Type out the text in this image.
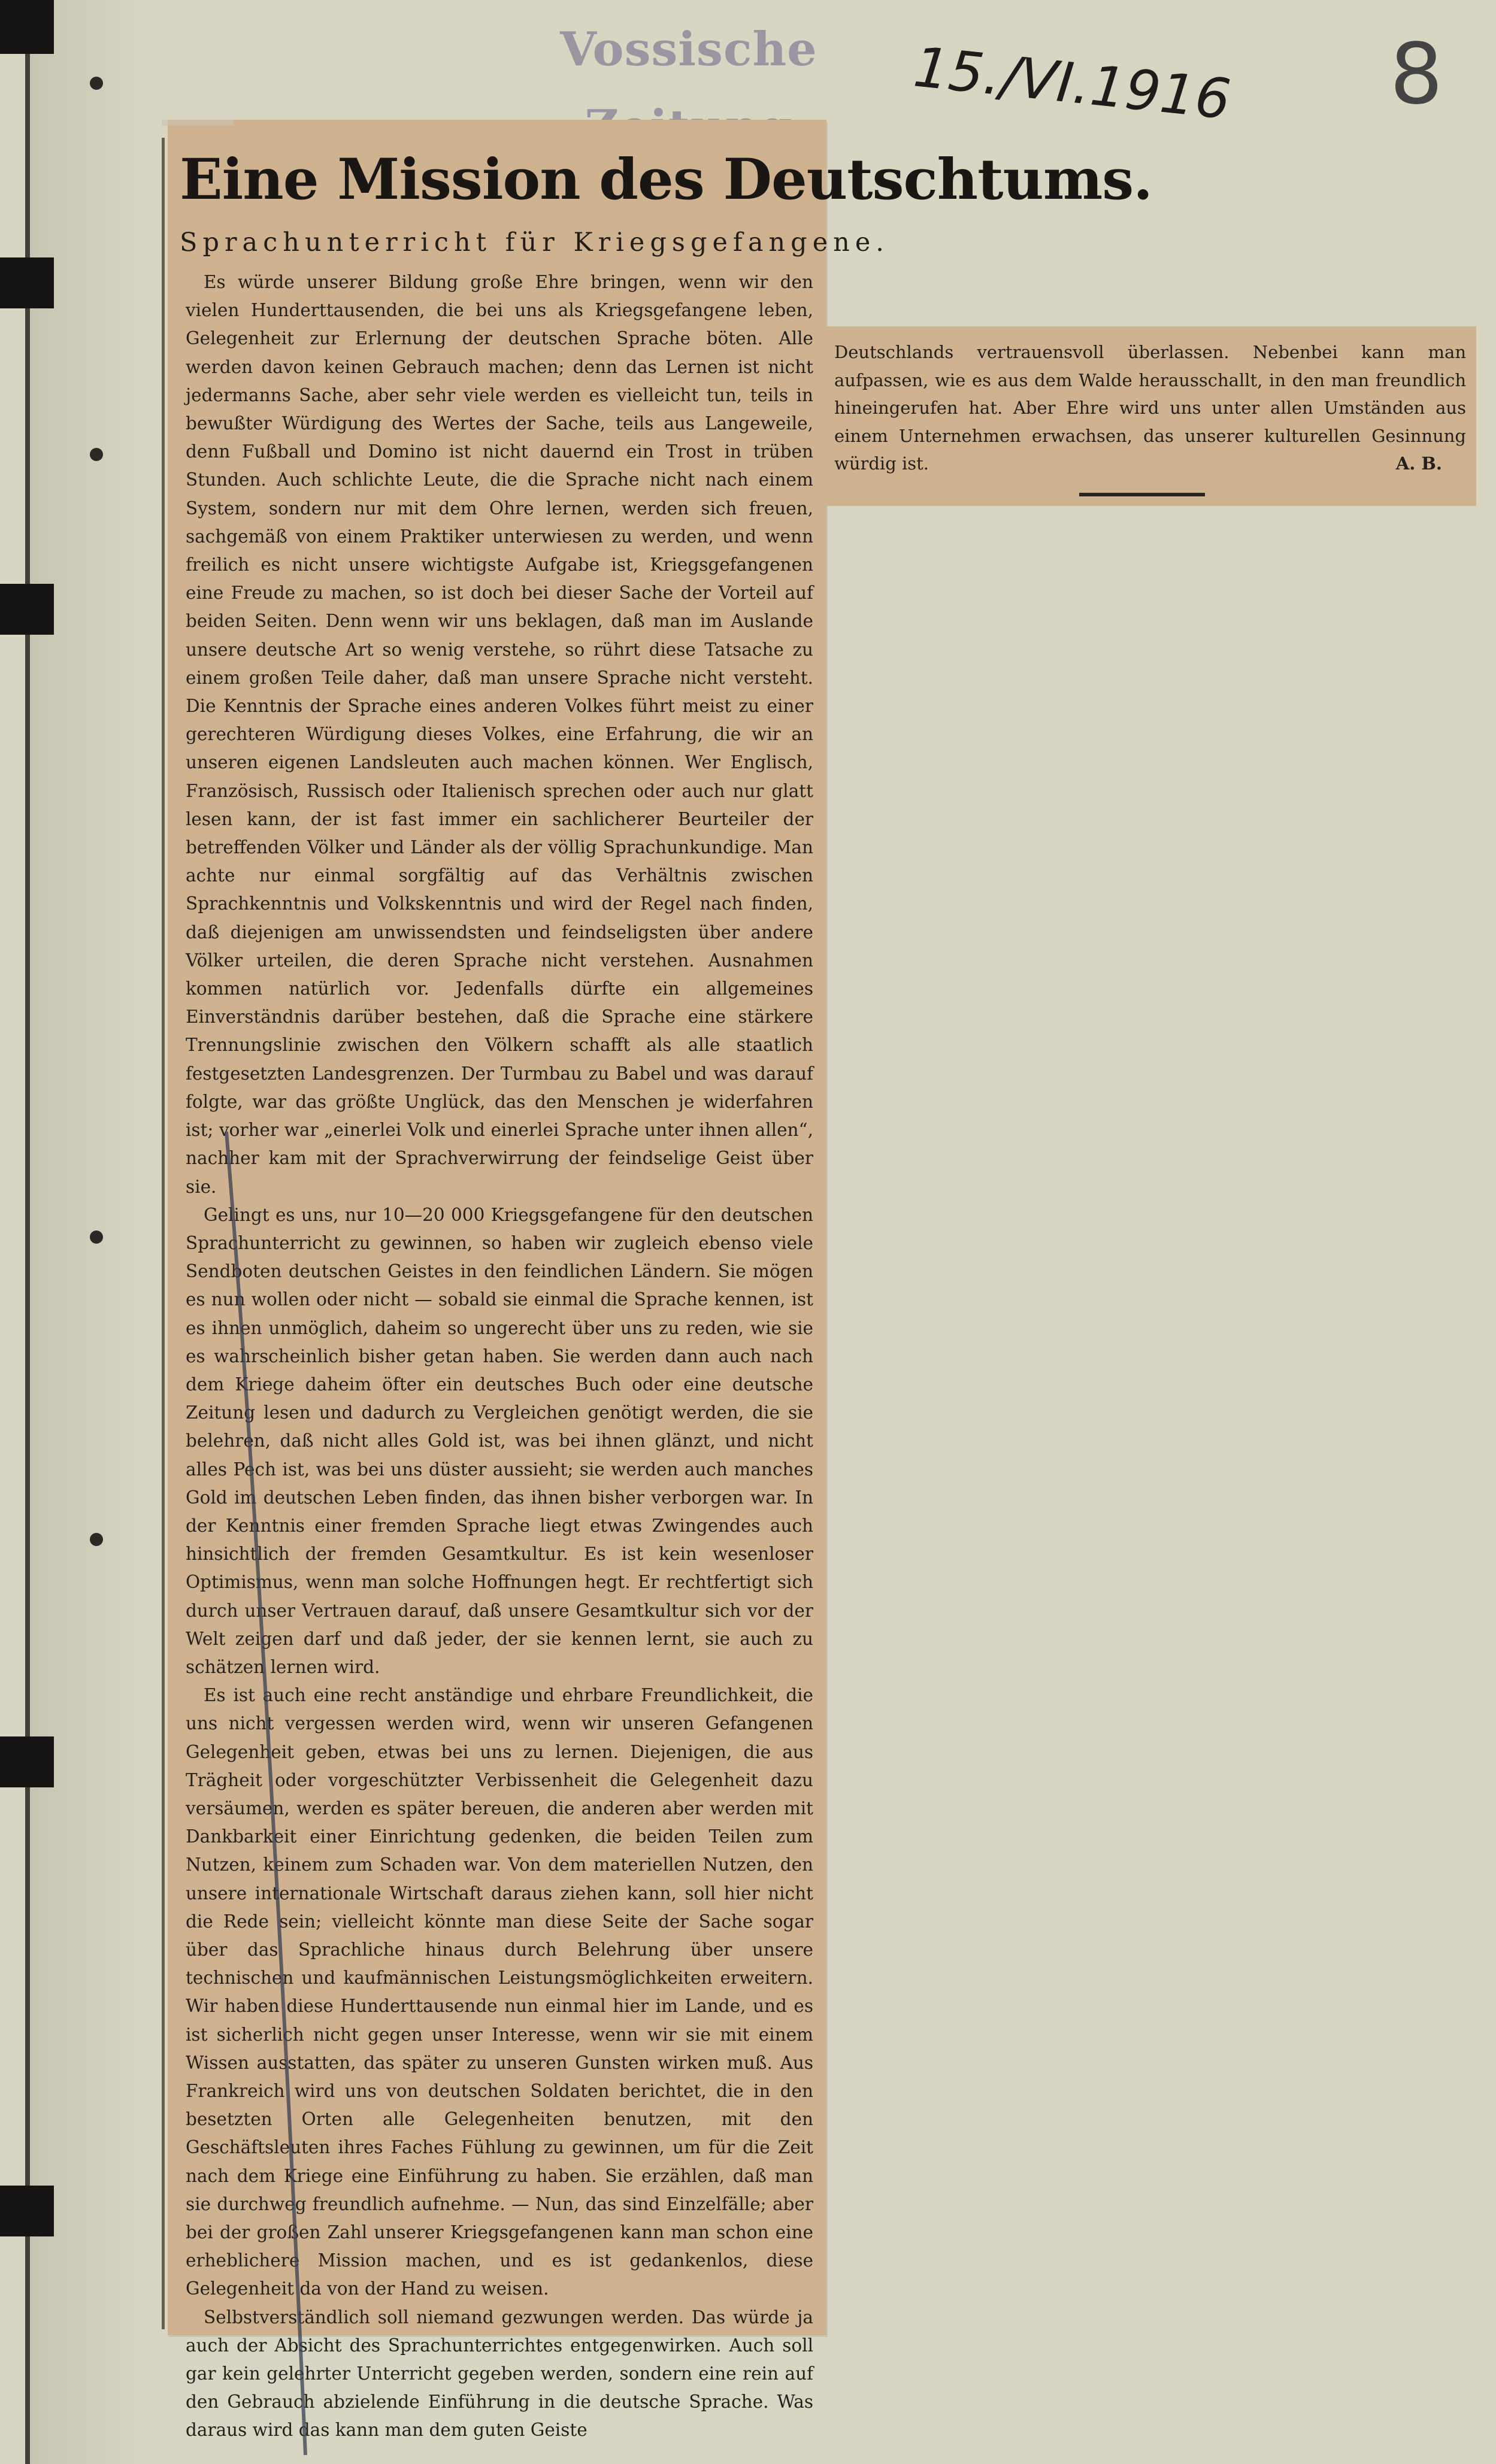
Vossische	15./VI.1916 8
Eine Mission des Deutschtums.
Sprachunterricht für Kriegsgefangene.

Es würde unserer Bildung große Ehre bringen, wenn wir den vielen Hunderttausenden, die bei uns als Kriegsgefangene leben, Gelegenheit zur Erlernung der deutschen Sprache böten. Alle werden davon keinen Gebrauch machen; denn das Lernen ist nicht jedermanns Sache, aber sehr viele werden es vielleicht tun, teils in bewußter Würdigung des Wertes der Sache, teils aus Langeweile, denn Fußball und Domino ist nicht dauernd ein Trost in trüben Stunden. Auch schlichte Leute, die die Sprache nicht nach einem System, sondern nur mit dem Ohre lernen, werden sich freuen, sachgemäß von einem Praktiker unterwiesen zu werden, und wenn freilich es nicht unsere wichtigste Aufgabe ist, Kriegsgefangenen eine Freude zu machen, so ist doch bei dieser Sache der Vorteil auf beiden Seiten. Denn wenn wir uns beklagen, daß man im Auslande unsere deutsche Art so wenig verstehe, so rührt diese Tatsache zu einem großen Teile daher, daß man unsere Sprache nicht versteht. Die Kenntnis der Sprache eines anderen Volkes führt meist zu einer gerechteren Würdigung dieses Volkes, eine Erfahrung, die wir an unseren eigenen Landsleuten auch machen können. Wer Englisch, Französisch, Russisch oder Italienisch sprechen oder auch nur glatt lesen kann, der ist fast immer ein sachlicherer Beurteiler der betreffenden Völker und Länder als der völlig Sprachunkundige. Man achte nur einmal sorgfältig auf das Verhältnis zwischen Sprachkenntnis und Volkskenntnis und wird der Regel nach finden, daß diejenigen am unwissendsten und feindseligsten über andere Völker urteilen, die deren Sprache nicht verstehen. Ausnahmen kommen natürlich vor. Jedenfalls dürfte ein allgemeines Einverständnis darüber bestehen, daß die Sprache eine stärkere Trennungslinie zwischen den Völkern schafft als alle staatlich festgesetzten Landesgrenzen. Der Turmbau zu Babel und was darauf folgte, war das größte Unglück, das den Menschen je widerfahren ist; vorher war „einerlei Volk und einerlei Sprache unter ihnen allen“, nachher kam mit der Sprachverwirrung der feindselige Geist über sie.

Gelingt es uns, nur 10—20 000 Kriegsgefangene für den deutschen Sprachunterricht zu gewinnen, so haben wir zugleich ebenso viele Sendboten deutschen Geistes in den feindlichen Ländern. Sie mögen es nun wollen oder nicht — sobald sie einmal die Sprache kennen, ist es ihnen unmöglich, daheim so ungerecht über uns zu reden, wie sie es wahrscheinlich bisher getan haben. Sie werden dann auch nach dem Kriege daheim öfter ein deutsches Buch oder eine deutsche Zeitung lesen und dadurch zu Vergleichen genötigt werden, die sie belehren, daß nicht alles Gold ist, was bei ihnen glänzt, und nicht alles Pech ist, was bei uns düster aussieht; sie werden auch manches Gold im deutschen Leben finden, das ihnen bisher verborgen war. In der Kenntnis einer fremden Sprache liegt etwas Zwingendes auch hinsichtlich der fremden Gesamtkultur. Es ist kein wesenloser Optimismus, wenn man solche Hoffnungen hegt. Er rechtfertigt sich durch unser Vertrauen darauf, daß unsere Gesamtkultur sich vor der Welt zeigen darf und daß jeder, der sie kennen lernt, sie auch zu schätzen lernen wird.

Es ist auch eine recht anständige und ehrbare Freundlichkeit, die uns nicht vergessen werden wird, wenn wir unseren Gefangenen Gelegenheit geben, etwas bei uns zu lernen. Diejenigen, die aus Trägheit oder vorgeschützter Verbissenheit die Gelegenheit dazu versäumen, werden es später bereuen, die anderen aber werden mit Dankbarkeit einer Einrichtung gedenken, die beiden Teilen zum Nutzen, keinem zum Schaden war. Von dem materiellen Nutzen, den unsere internationale Wirtschaft daraus ziehen kann, soll hier nicht die Rede sein; vielleicht könnte man diese Seite der Sache sogar über das Sprachliche hinaus durch Belehrung über unsere technischen und kaufmännischen Leistungsmöglichkeiten erweitern. Wir haben diese Hunderttausende nun einmal hier im Lande, und es ist sicherlich nicht gegen unser Interesse, wenn wir sie mit einem Wissen ausstatten, das später zu unseren Gunsten wirken muß. Aus Frankreich wird uns von deutschen Soldaten berichtet, die in den besetzten Orten alle Gelegenheiten benutzen, mit den Geschäftsleuten ihres Faches Fühlung zu gewinnen, um für die Zeit nach dem Kriege eine Einführung zu haben. Sie erzählen, daß man sie durchweg freundlich aufnehme. — Nun, das sind Einzelfälle; aber bei der großen Zahl unserer Kriegsgefangenen kann man schon eine erheblichere Mission machen, und es ist gedankenlos, diese Gelegenheit da von der Hand zu weisen.

Selbstverständlich soll niemand gezwungen werden. Das würde ja auch der Absicht des Sprachunterrichtes entgegenwirken. Auch soll gar kein gelehrter Unterricht gegeben werden, sondern eine rein auf den Gebrauch abzielende Einführung in die deutsche Sprache. Was daraus wird das kann man dem guten Geiste

Deutschlands vertrauensvoll überlassen. Nebenbei kann man aufpassen, wie es aus dem Walde herausschallt, in den man freundlich hineingerufen hat. Aber Ehre wird uns unter allen Umständen aus einem Unternehmen erwachsen, das unserer kulturellen Gesinnung würdig ist.	A. B.
